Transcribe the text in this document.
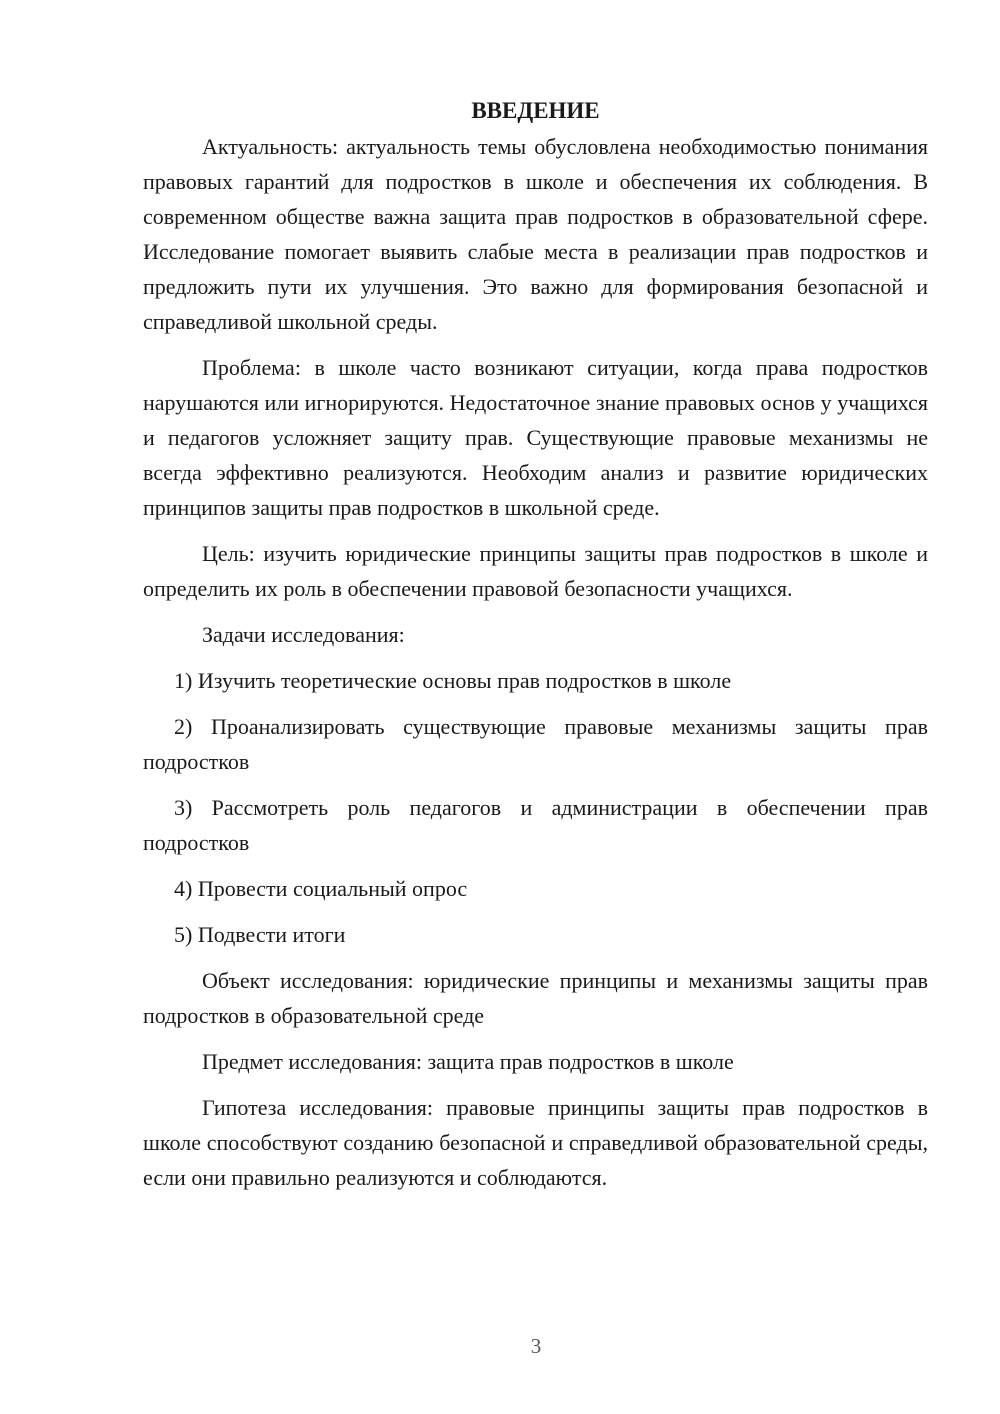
ВВЕДЕНИЕ

Актуальность: актуальность темы обусловлена необходимостью понимания правовых гарантий для подростков в школе и обеспечения их соблюдения. В современном обществе важна защита прав подростков в образовательной сфере. Исследование помогает выявить слабые места в реализации прав подростков и предложить пути их улучшения. Это важно для формирования безопасной и справедливой школьной среды.

Проблема: в школе часто возникают ситуации, когда права подростков нарушаются или игнорируются. Недостаточное знание правовых основ у учащихся и педагогов усложняет защиту прав. Существующие правовые механизмы не всегда эффективно реализуются. Необходим анализ и развитие юридических принципов защиты прав подростков в школьной среде.

Цель: изучить юридические принципы защиты прав подростков в школе и определить их роль в обеспечении правовой безопасности учащихся.

Задачи исследования:

1) Изучить теоретические основы прав подростков в школе

2) Проанализировать существующие правовые механизмы защиты прав подростков

3) Рассмотреть роль педагогов и администрации в обеспечении прав подростков

4) Провести социальный опрос

5) Подвести итоги

Объект исследования: юридические принципы и механизмы защиты прав подростков в образовательной среде

Предмет исследования: защита прав подростков в школе

Гипотеза исследования: правовые принципы защиты прав подростков в школе способствуют созданию безопасной и справедливой образовательной среды, если они правильно реализуются и соблюдаются.

3
